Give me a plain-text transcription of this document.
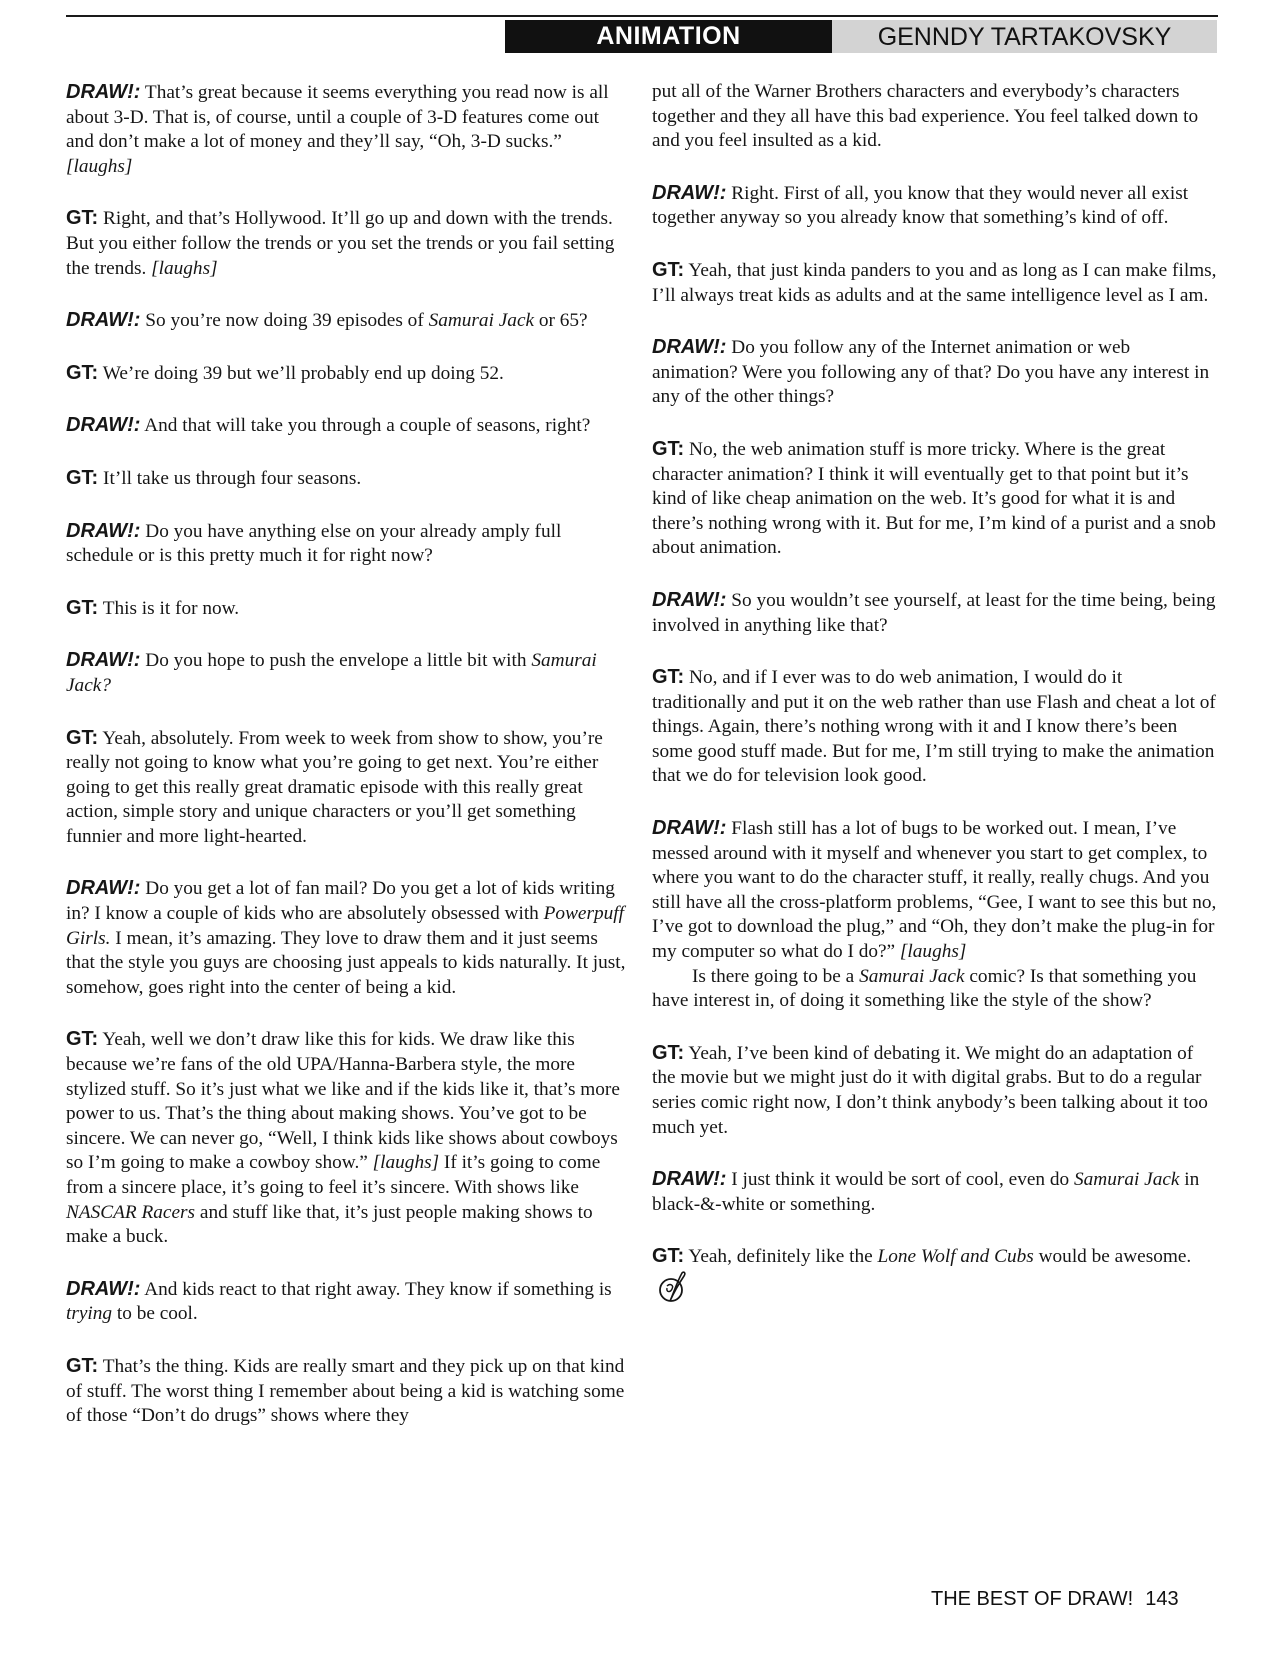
ANIMATION	GENNDY TARTAKOVSKY

DRAW!: That’s great because it seems everything you read now is all about 3-D. That is, of course, until a couple of 3-D features come out and don’t make a lot of money and they’ll say, “Oh, 3-D sucks.” [laughs]

GT: Right, and that’s Hollywood. It’ll go up and down with the trends. But you either follow the trends or you set the trends or you fail setting the trends. [laughs]

DRAW!: So you’re now doing 39 episodes of Samurai Jack or 65?

GT: We’re doing 39 but we’ll probably end up doing 52.

DRAW!: And that will take you through a couple of seasons, right?

GT: It’ll take us through four seasons.

DRAW!: Do you have anything else on your already amply full schedule or is this pretty much it for right now?

GT: This is it for now.

DRAW!: Do you hope to push the envelope a little bit with Samurai Jack?

GT: Yeah, absolutely. From week to week from show to show, you’re really not going to know what you’re going to get next. You’re either going to get this really great dramatic episode with this really great action, simple story and unique characters or you’ll get something funnier and more light-hearted.

DRAW!: Do you get a lot of fan mail? Do you get a lot of kids writing in? I know a couple of kids who are absolutely obsessed with Powerpuff Girls. I mean, it’s amazing. They love to draw them and it just seems that the style you guys are choosing just appeals to kids naturally. It just, somehow, goes right into the center of being a kid.

GT: Yeah, well we don’t draw like this for kids. We draw like this because we’re fans of the old UPA/Hanna-Barbera style, the more stylized stuff. So it’s just what we like and if the kids like it, that’s more power to us. That’s the thing about making shows. You’ve got to be sincere. We can never go, “Well, I think kids like shows about cowboys so I’m going to make a cowboy show.” [laughs] If it’s going to come from a sincere place, it’s going to feel it’s sincere. With shows like NASCAR Racers and stuff like that, it’s just people making shows to make a buck.

DRAW!: And kids react to that right away. They know if something is trying to be cool.

GT: That’s the thing. Kids are really smart and they pick up on that kind of stuff. The worst thing I remember about being a kid is watching some of those “Don’t do drugs” shows where they

put all of the Warner Brothers characters and everybody’s characters together and they all have this bad experience. You feel talked down to and you feel insulted as a kid.

DRAW!: Right. First of all, you know that they would never all exist together anyway so you already know that something’s kind of off.

GT: Yeah, that just kinda panders to you and as long as I can make films, I’ll always treat kids as adults and at the same intelligence level as I am.

DRAW!: Do you follow any of the Internet animation or web animation? Were you following any of that? Do you have any interest in any of the other things?

GT: No, the web animation stuff is more tricky. Where is the great character animation? I think it will eventually get to that point but it’s kind of like cheap animation on the web. It’s good for what it is and there’s nothing wrong with it. But for me, I’m kind of a purist and a snob about animation.

DRAW!: So you wouldn’t see yourself, at least for the time being, being involved in anything like that?

GT: No, and if I ever was to do web animation, I would do it traditionally and put it on the web rather than use Flash and cheat a lot of things. Again, there’s nothing wrong with it and I know there’s been some good stuff made. But for me, I’m still trying to make the animation that we do for television look good.

DRAW!: Flash still has a lot of bugs to be worked out. I mean, I’ve messed around with it myself and whenever you start to get complex, to where you want to do the character stuff, it really, really chugs. And you still have all the cross-platform problems, “Gee, I want to see this but no, I’ve got to download the plug,” and “Oh, they don’t make the plug-in for my computer so what do I do?” [laughs]

Is there going to be a Samurai Jack comic? Is that something you have interest in, of doing it something like the style of the show?

GT: Yeah, I’ve been kind of debating it. We might do an adaptation of the movie but we might just do it with digital grabs. But to do a regular series comic right now, I don’t think anybody’s been talking about it too much yet.

DRAW!: I just think it would be sort of cool, even do Samurai Jack in black-&-white or something.

GT: Yeah, definitely like the Lone Wolf and Cubs would be awesome.

THE BEST OF DRAW! 143
